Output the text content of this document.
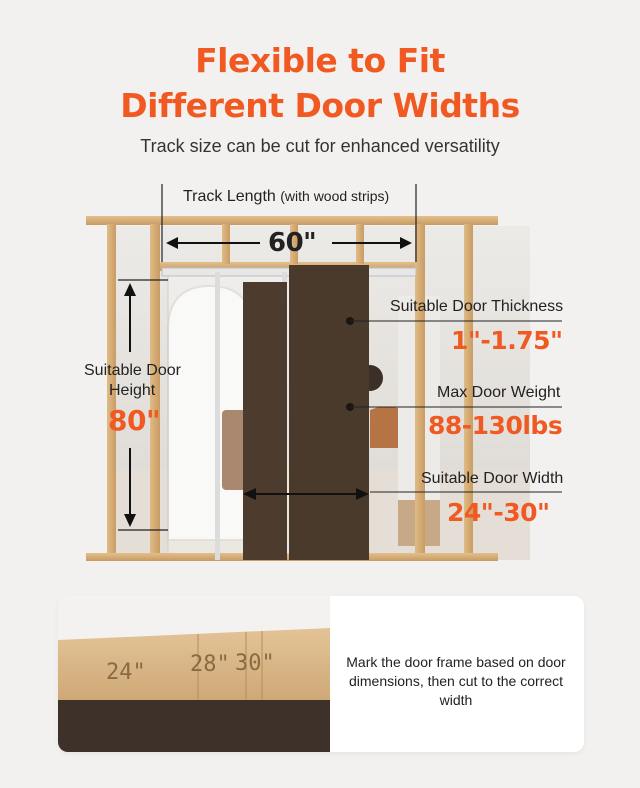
Flexible to Fit
Different Door Widths
Track size can be cut for enhanced versatility
Track Length (with wood strips)
60"
Suitable Door
Height
80"
Suitable Door Thickness
1"-1.75"
Max Door Weight
88-130lbs
Suitable Door Width
24"-30"
24" 28" 30"	Mark the door frame based on door dimensions, then cut to the correct width
